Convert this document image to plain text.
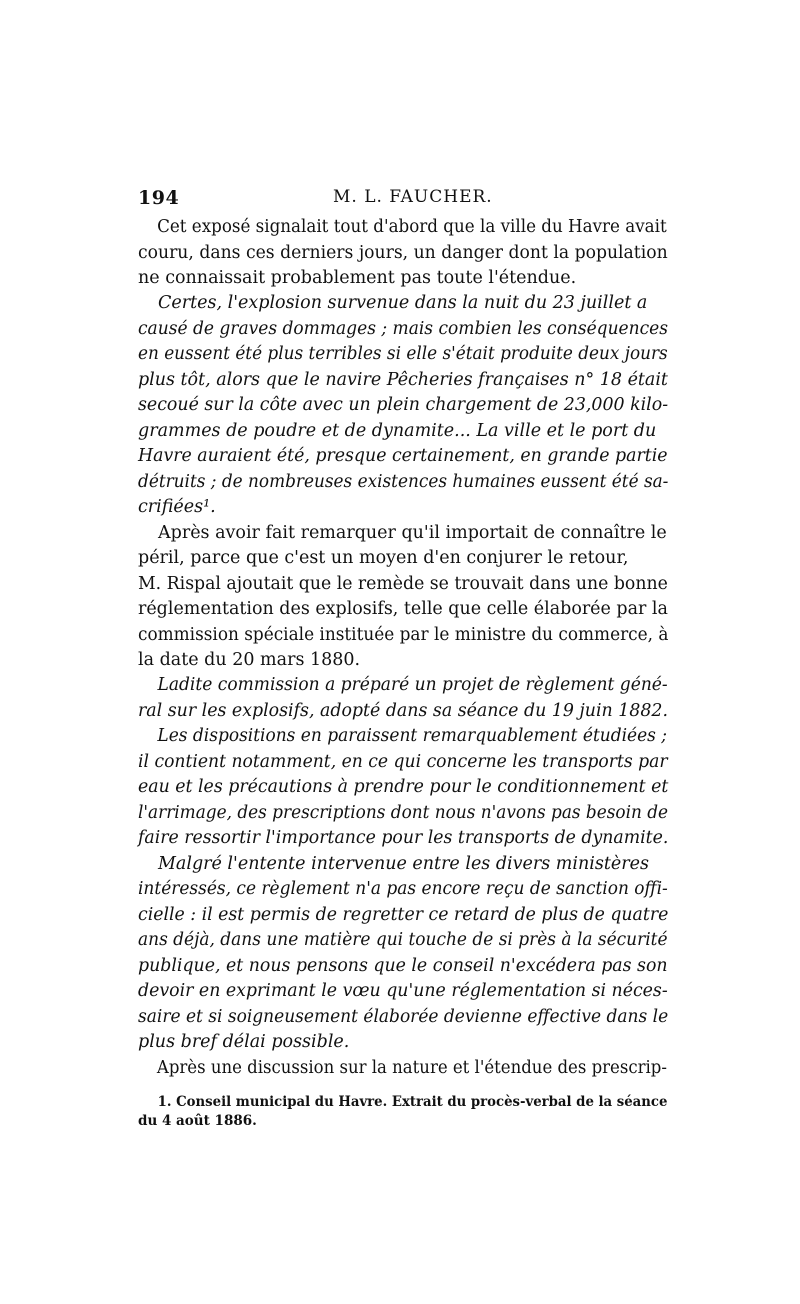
194	M. L. FAUCHER.
Cet exposé signalait tout d'abord que la ville du Havre avait
couru, dans ces derniers jours, un danger dont la population
ne connaissait probablement pas toute l'étendue.
Certes, l'explosion survenue dans la nuit du 23 juillet a
causé de graves dommages ; mais combien les conséquences
en eussent été plus terribles si elle s'était produite deux jours
plus tôt, alors que le navire Pêcheries françaises n° 18 était
secoué sur la côte avec un plein chargement de 23,000 kilo-
grammes de poudre et de dynamite... La ville et le port du
Havre auraient été, presque certainement, en grande partie
détruits ; de nombreuses existences humaines eussent été sa-
crifiées¹.
Après avoir fait remarquer qu'il importait de connaître le
péril, parce que c'est un moyen d'en conjurer le retour,
M. Rispal ajoutait que le remède se trouvait dans une bonne
réglementation des explosifs, telle que celle élaborée par la
commission spéciale instituée par le ministre du commerce, à
la date du 20 mars 1880.
Ladite commission a préparé un projet de règlement géné-
ral sur les explosifs, adopté dans sa séance du 19 juin 1882.
Les dispositions en paraissent remarquablement étudiées ;
il contient notamment, en ce qui concerne les transports par
eau et les précautions à prendre pour le conditionnement et
l'arrimage, des prescriptions dont nous n'avons pas besoin de
faire ressortir l'importance pour les transports de dynamite.
Malgré l'entente intervenue entre les divers ministères
intéressés, ce règlement n'a pas encore reçu de sanction offi-
cielle : il est permis de regretter ce retard de plus de quatre
ans déjà, dans une matière qui touche de si près à la sécurité
publique, et nous pensons que le conseil n'excédera pas son
devoir en exprimant le vœu qu'une réglementation si néces-
saire et si soigneusement élaborée devienne effective dans le
plus bref délai possible.
Après une discussion sur la nature et l'étendue des prescrip-
1. Conseil municipal du Havre. Extrait du procès-verbal de la séance
du 4 août 1886.
